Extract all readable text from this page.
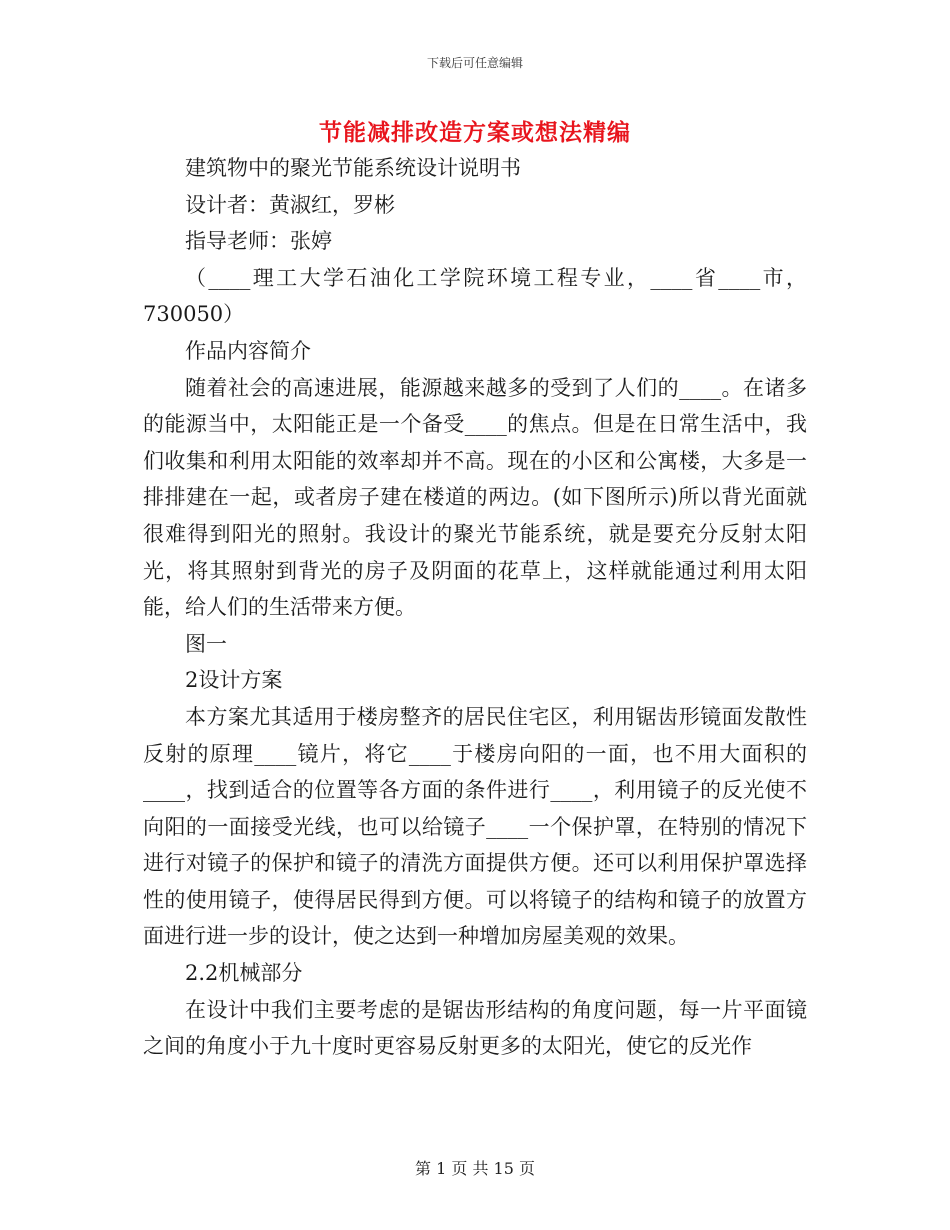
下载后可任意编辑
节能减排改造方案或想法精编

建筑物中的聚光节能系统设计说明书

设计者：黄淑红，罗彬

指导老师：张婷

（____理工大学石油化工学院环境工程专业，____省____市，730050）

作品内容简介

随着社会的高速进展，能源越来越多的受到了人们的____。在诸多的能源当中，太阳能正是一个备受____的焦点。但是在日常生活中，我们收集和利用太阳能的效率却并不高。现在的小区和公寓楼，大多是一排排建在一起，或者房子建在楼道的两边。(如下图所示)所以背光面就很难得到阳光的照射。我设计的聚光节能系统，就是要充分反射太阳光，将其照射到背光的房子及阴面的花草上，这样就能通过利用太阳能，给人们的生活带来方便。

图一

2设计方案

本方案尤其适用于楼房整齐的居民住宅区，利用锯齿形镜面发散性反射的原理____镜片，将它____于楼房向阳的一面，也不用大面积的____，找到适合的位置等各方面的条件进行____，利用镜子的反光使不向阳的一面接受光线，也可以给镜子____一个保护罩，在特别的情况下进行对镜子的保护和镜子的清洗方面提供方便。还可以利用保护罩选择性的使用镜子，使得居民得到方便。可以将镜子的结构和镜子的放置方面进行进一步的设计，使之达到一种增加房屋美观的效果。

2.2机械部分

在设计中我们主要考虑的是锯齿形结构的角度问题，每一片平面镜之间的角度小于九十度时更容易反射更多的太阳光，使它的反光作

第 1 页 共 15 页
